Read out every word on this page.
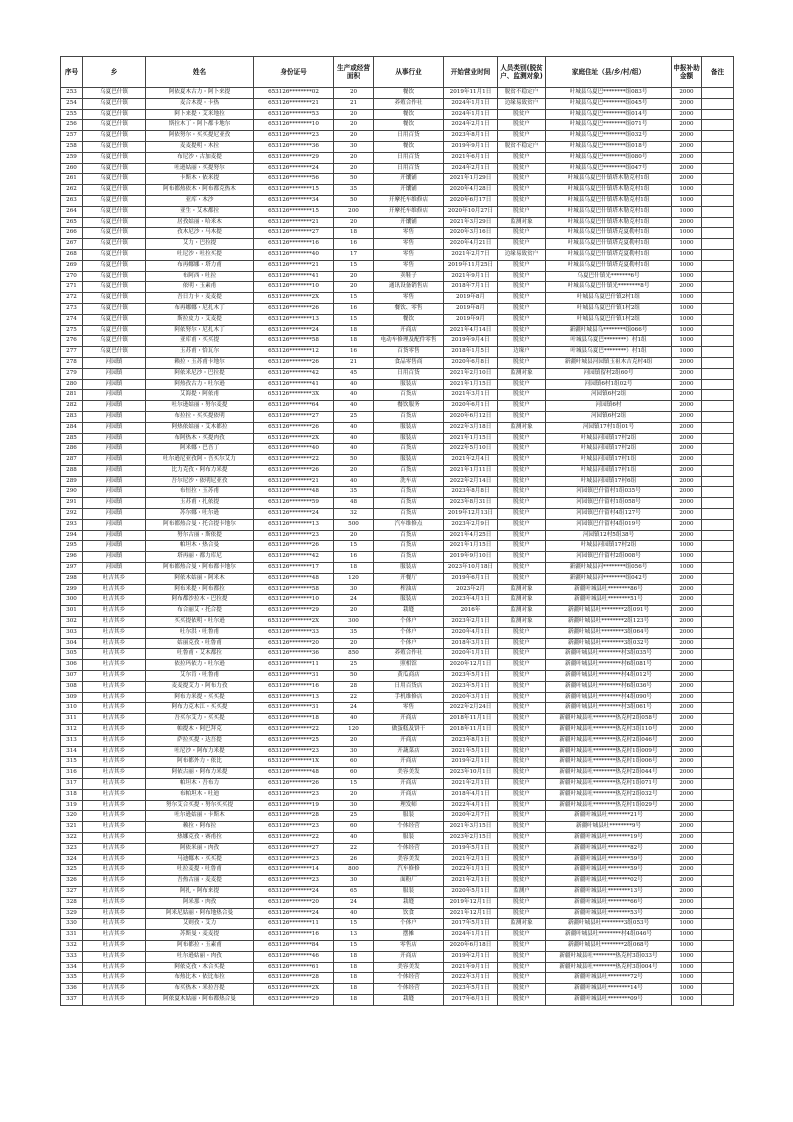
序号	乡	姓名	身份证号	生产或经营面积	从事行业	开始营业时间	人员类别(脱贫户、监测对象)	家庭住址（县/乡/村/组）	申报补助金额	备注
253	乌夏巴什镇	阿依夏木古力・阿卜来提	653126********02	20	餐饮	2019年11月1日	脱贫不稳定户	叶城县乌夏巴********组083号	2000	
254	乌夏巴什镇	麦合木提・卡热	653126********21	21	养殖合作社	2024年1月1日	边缘易致贫户	叶城县乌夏巴********组045号	2000	
255	乌夏巴什镇	阿卜来提・艾米地拉	653126********53	20	餐饮	2024年1月1日	脱贫户	叶城县乌夏巴********组014号	2000	
256	乌夏巴什镇	斯拉木丁・阿卜都卡地尔	653126********10	20	餐饮	2024年2月1日	脱贫户	叶城县乌夏巴********组071号	2000	
257	乌夏巴什镇	阿依努尔・买买提尼亚孜	653126********23	20	日用百货	2023年8月1日	脱贫户	叶城县乌夏巴********组032号	2000	
258	乌夏巴什镇	麦麦提明・木拉	653126********36	30	餐饮	2019年9月1日	脱贫不稳定户	叶城县乌夏巴********组018号	2000	
259	乌夏巴什镇	布尼沙・古加麦提	653126********29	20	日用百货	2021年6月1日	脱贫户	叶城县乌夏巴********组080号	2000	
260	乌夏巴什镇	吐逊姑丽・买提努尔	653126********24	20	日用百货	2024年2月1日	脱贫户	叶城县乌夏巴********组047号	2000	
261	乌夏巴什镇	卡斯木・依米提	653126********56	50	开馕铺	2021年1月29日	脱贫户	叶城县乌夏巴什镇塔木勒克村1组	2000	
262	乌夏巴什镇	阿布都热依木・阿布都克热木	653126********15	35	开馕铺	2020年4月28日	脱贫户	叶城县乌夏巴什镇塔木勒克村1组	1000	
263	乌夏巴什镇	亚库・木沙	653126********34	50	开摩托车维修店	2020年6月17日	脱贫户	叶城县乌夏巴什镇塔木勒克村1组	1000	
264	乌夏巴什镇	亚生・艾木都拉	653126********15	200	开摩托车维修店	2020年10月27日	脱贫户	叶城县乌夏巴什镇塔木勒克村1组	1000	
265	乌夏巴什镇	居孜姑丽・哈米木	653126********21	20	开馕铺	2021年3月29日	监测对象	叶城县乌夏巴什镇塔木勒克村1组	2000	
266	乌夏巴什镇	孜木尼沙・马木提	653126********27	18	零售	2020年3月16日	脱贫户	叶城县乌夏巴什镇塔克夏勒村1组	1000	
267	乌夏巴什镇	艾力・巴拉提	653126********16	16	零售	2020年4月21日	脱贫户	叶城县乌夏巴什镇塔克夏勒村1组	1000	
268	乌夏巴什镇	吐尼沙・吐拉买提	653126********40	17	零售	2021年2月7日	边缘易致贫户	叶城县乌夏巴什镇塔克夏勒村1组	1000	
269	乌夏巴什镇	布再娜娜・塔力甫	653126********21	15	零售	2019年11月25日	脱贫户	叶城县乌夏巴什镇塔克夏勒村1组	1000	
270	乌夏巴什镇	布阿西・吐拉	653126********41	20	卖鞋子	2021年9月1日	脱贫户	乌夏巴什镇光*******6号	1000	
271	乌夏巴什镇	依明・玉素甫	653126********10	20	通讯设备销售店	2018年7月1日	脱贫户	叶城县乌夏巴什镇光********8号	2000	
272	乌夏巴什镇	吾日力卡・麦麦提	653126********2X	15	零售	2019年8月	脱贫户	叶城县乌夏巴什镇2村1组	1000	
273	乌夏巴什镇	布再娜娜・尼扎木丁	653126********26	16	餐饮、零售	2019年8月	脱贫户	叶城县乌夏巴什镇1村2组	1000	
274	乌夏巴什镇	斯拉皮力・艾麦提	653126********13	15	餐饮	2019年9月	脱贫户	叶城县乌夏巴什镇1村2组	1000	
275	乌夏巴什镇	阿依努尔・尼扎木丁	653126********24	18	开商店	2021年4月14日	脱贫户	新疆叶城县乌********组066号	1000	
276	乌夏巴什镇	亚库甫・买买提	653126********58	18	电动车修理及配件零售	2019年9月4日	脱贫户	叶城县乌夏巴********）村1组	1000	
277	乌夏巴什镇	玉苏甫・恰瓦尔	653126********12	16	百货零售	2018年1月5日	边缘户	叶城县乌夏巴********）村1组	1000	
278	河园镇	赖拉・玉苏甫卡地尔	653126********26	21	食品零售商	2020年6月8日	脱贫户	新疆叶城县河园镇玉祖木吉克村4组	2000	
279	河园镇	阿依米尼沙・巴拉提	653126********42	45	日用百货	2021年2月10日	监测对象	河园镇留村2组60号	2000	
280	河园镇	阿热孜古力・吐尔逊	653126********41	40	服装店	2021年1月15日	脱贫户	河园镇6村1组02号	2000	
281	河园镇	艾海提・阿依甫	653126********3X	40	百货店	2021年3月1日	脱贫户	河园镇6村2组	2000	
282	河园镇	吐尔逊姑丽・努尔麦提	653126********64	40	餐饮服务	2020年6月1日	脱贫户	河园镇6村	2000	
283	河园镇	布拉拉・买买提依明	653126********27	25	百货店	2020年6月12日	脱贫户	河园镇6村2组	2000	
284	河园镇	阿热依姑丽・艾木都拉	653126********26	40	服装店	2022年3月18日	监测对象	河园镇17村1组01号	2000	
285	河园镇	布阿热木・买提肉孜	653126********2X	40	服装店	2021年1月15日	脱贫户	叶城县河园镇17村2组	2000	
286	河园镇	阿米娜・巴吾丁	653126********40	40	百货店	2022年5月10日	脱贫户	叶城县河园镇17村2组	2000	
287	河园镇	吐尔逊尼亚孜阿・吾买尔艾力	653126********22	50	服装店	2021年2月4日	脱贫户	叶城县河园镇17村1组	2000	
288	河园镇	比力克孜・阿布力米提	653126********26	20	百货店	2021年1月11日	脱贫户	叶城县河园镇17村1组	2000	
289	河园镇	吾尔尼沙・依明尼亚孜	653126********21	40	洗车店	2022年2月14日	脱贫户	叶城县河园镇17村6组	2000	
290	河园镇	布恒拉・玉苏甫	653126********48	35	百货店	2023年8月8日	脱贫户	河园镇巴什留村1组035号	2000	
291	河园镇	玉苏甫・扎依提	653126********59	48	百货店	2023年8月31日	脱贫户	河园镇巴什留村1组058号	2000	
292	河园镇	苏尔娜・吐尔逊	653126********24	32	百货店	2019年12月13日	脱贫户	河园镇巴什留村4组127号	2000	
293	河园镇	阿布都热合曼・托合提卡地尔	653126********13	500	汽车维修点	2023年2月9日	脱贫户	河园镇巴什留村4组019号	2000	
294	河园镇	努尔古丽・斯依提	653126********23	20	百货店	2021年4月25日	脱贫户	河园镇12村5组38号	2000	
295	河园镇	帕坦木・热合曼	653126********26	15	百货店	2021年1月15日	脱贫户	叶城县河园镇17村2组	1000	
296	河园镇	塔再丽・都力库尼	653126********42	16	百货店	2019年9月10日	脱贫户	河园镇巴什留村2组008号	1000	
297	河园镇	阿布都热合曼・阿布都卡地尔	653126********17	18	服装店	2023年10月18日	脱贫户	新疆叶城县河********组056号	1000	
298	吐吉其乡	阿依木姑丽・阿米木	653126********48	120	开餐厅	2019年6月1日	脱贫户	新疆叶城县河********组042号	2000	
299	吐吉其乡	阿布米提・阿布都拉	653126********58	30	榨油店	2023年2月	监测对象	新疆叶城县吐********86号	2000	
300	吐吉其乡	阿布都沙拉木・巴拉提	653126********10	24	服装店	2023年4月1日	监测对象	新疆叶城县吐********51号	2000	
301	吐吉其乡	布合丽艾・托合提	653126********29	20	栽缝	2016年	监测对象	新疆叶城县吐********2组091号	2000	
302	吐吉其乡	买买提依明・吐尔逊	653126********2X	300	个体户	2023年2月1日	监测对象	新疆叶城县吐********2组123号	2000	
303	吐吉其乡	吐尔洪・吐鲁甫	653126********33	35	个体户	2020年4月1日	脱贫户	新疆叶城县吐********3组064号	2000	
304	吐吉其乡	姑丽克孜・吐鲁甫	653126********20	20	个体户	2018年3月1日	脱贫户	新疆叶城县吐********3组032号	2000	
305	吐吉其乡	吐鲁甫・艾木都拉	653126********36	850	养殖合作社	2020年1月1日	脱贫户	新疆叶城县吐********村3组035号	2000	
306	吐吉其乡	依拉玛依力・吐尔逊	653126********11	25	照相馆	2020年12月1日	脱贫户	新疆叶城县吐********村6组081号	2000	
307	吐吉其乡	艾尔肯・吐鲁甫	653126********31	50	黄瓜商店	2023年5月1日	脱贫户	新疆叶城县吐********村4组012号	2000	
308	吐吉其乡	麦麦提艾力・阿布力孜	653126********16	28	日用百货店	2023年5月1日	脱贫户	新疆叶城县吐********村6组036号	2000	
309	吐吉其乡	阿布力米提・买买提	653126********13	22	手机维修店	2020年3月1日	脱贫户	新疆叶城县吐********村4组090号	2000	
310	吐吉其乡	阿布力克木江・买买提	653126********31	24	零售	2022年2月24日	脱贫户	新疆叶城县吐********村3组061号	2000	
311	吐吉其乡	吾买尔艾力・买买提	653126********18	40	开商店	2018年11月1日	脱贫户	新疆叶城县吐********热克村2组058号	2000	
312	吐吉其乡	帕提木・阿巴拜克	653126********22	120	做蛋糕及饼干	2018年11月1日	脱贫户	新疆叶城县吐********热克村3组110号	2000	
313	吐吉其乡	萨拉买提・达吾提	653126********25	20	开商店	2023年8月1日	脱贫户	新疆叶城县吐********热克村2组046号	2000	
314	吐吉其乡	吐尼沙・阿布力米提	653126********23	30	开蔬菜店	2021年5月1日	脱贫户	新疆叶城县吐********热克村1组009号	2000	
315	吐吉其乡	阿布都外力・依比	653126********1X	60	开商店	2019年2月1日	脱贫户	新疆叶城县吐********热克村1组006号	2000	
316	吐吉其乡	阿依古丽・阿布力米提	653126********48	60	美容美发	2023年10月1日	脱贫户	新疆叶城县吐********热克村2组044号	2000	
317	吐吉其乡	帕坦木・吾布力	653126********26	15	开商店	2021年2月1日	脱贫户	新疆叶城县吐********热克村1组071号	2000	
318	吐吉其乡	布帕坦木・吐迪	653126********23	20	开商店	2018年4月1日	脱贫户	新疆叶城县吐********热克村2组032号	2000	
319	吐吉其乡	努尔艾合买提・努尔买买提	653126********19	30	理发师	2022年4月1日	脱贫户	新疆叶城县吐********热克村1组029号	2000	
320	吐吉其乡	吐尔逊姑丽・卡斯木	653126********28	25	服装	2020年2月7日	脱贫户	新疆叶城县吐********21号	2000	
321	吐吉其乡	赖拉・阿布拉	653126********23	60	个体经营	2021年3月15日	脱贫户	新疆叶城县吐********9号	2000	
322	吐吉其乡	热娜克孜・赛甫拉	653126********22	40	服装	2023年2月15日	脱贫户	新疆叶城县吐********19号	2000	
323	吐吉其乡	阿依米丽・肉孜	653126********27	22	个体经营	2019年5月1日	脱贫户	新疆叶城县吐********82号	2000	
324	吐吉其乡	马迪娜木・买买提	653126********23	26	美容美发	2021年2月1日	脱贫户	新疆叶城县吐********59号	2000	
325	吐吉其乡	吐拉麦提・吐鲁甫	653126********14	800	汽车修修	2022年1月1日	脱贫户	新疆叶城县吐********59号	2000	
326	吐吉其乡	吾热古丽・麦麦提	653126********23	30	面粉厂	2021年2月1日	脱贫户	新疆叶城县吐********02号	2000	
327	吐吉其乡	阿扎・阿布来提	653126********24	65	服装	2020年5月1日	监测户	新疆叶城县吐********13号	2000	
328	吐吉其乡	阿米那・肉孜	653126********20	24	栽缝	2019年12月1日	脱贫户	新疆叶城县吐********66号	2000	
329	吐吉其乡	阿米尼姑丽・阿布地热合曼	653126********24	40	饮食	2021年12月1日	脱贫户	新疆叶城县吐********53号	2000	
330	吐吉其乡	艾则孜・艾力	653126********11	15	个体户	2017年5月1日	监测对象	新疆叶城县吐********3组053号	1000	
331	吐吉其乡	苏斯曼・麦麦提	653126********16	13	摆摊	2024年1月1日	脱贫户	新疆叶城县吐********村4组046号	1000	
332	吐吉其乡	阿布都拉・玉素甫	653126********84	15	零售店	2020年6月18日	脱贫户	新疆叶城县吐********2组068号	1000	
333	吐吉其乡	吐尔逊姑丽・肉孜	653126********46	18	开商店	2019年2月1日	脱贫户	新疆叶城县吐********热克村3组033号	1000	
334	吐吉其乡	阿依克孜・木合买提	653126********61	18	美容美发	2021年9月1日	脱贫户	新疆叶城县吐********热克村3组004号	1000	
335	吐吉其乡	布热比木・依比布拉	653126********28	18	个体经营	2022年3月1日	脱贫户	新疆叶城县吐********72号	1000	
336	吐吉其乡	布买热木・米拉吾提	653126********2X	18	个体经营	2023年5月1日	脱贫户	新疆叶城县吐********14号	1000	
337	吐吉其乡	阿依夏木姑丽・阿布都热合曼	653126********29	18	栽缝	2017年6月1日	脱贫户	新疆叶城县吐********09号	1000	
